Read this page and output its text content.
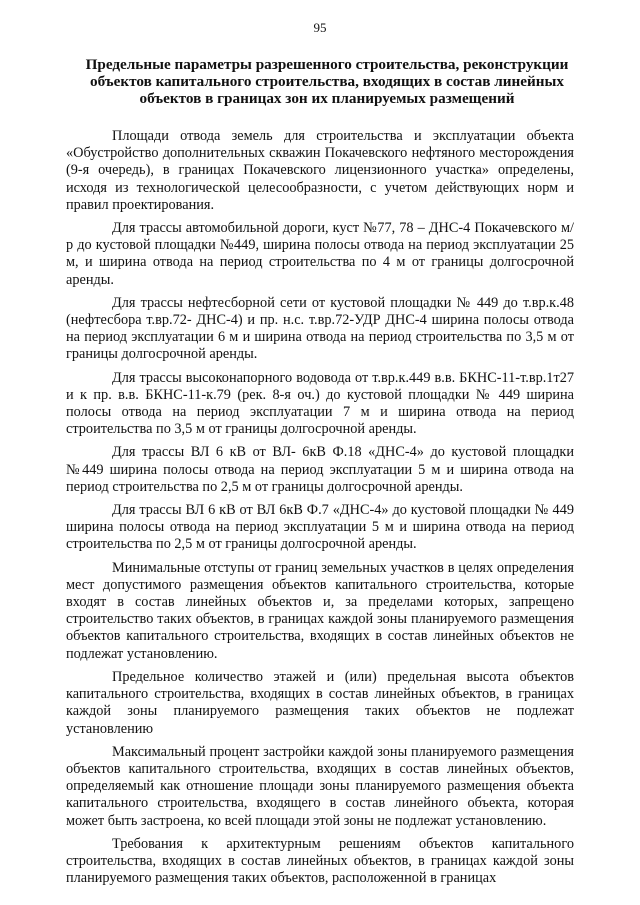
95
Предельные параметры разрешенного строительства, реконструкции объектов капитального строительства, входящих в состав линейных объектов в границах зон их планируемых размещений

Площади отвода земель для строительства и эксплуатации объекта «Обустройство дополнительных скважин Покачевского нефтяного месторождения (9-я очередь), в границах Покачевского лицензионного участка» определены, исходя из технологической целесообразности, с учетом действующих норм и правил проектирования.

Для трассы автомобильной дороги, куст №77, 78 – ДНС-4 Покачевского м/р до кустовой площадки №449, ширина полосы отвода на период эксплуатации 25 м, и ширина отвода на период строительства по 4 м от границы долгосрочной аренды.

Для трассы нефтесборной сети от кустовой площадки № 449 до т.вр.к.48 (нефтесбора т.вр.72- ДНС-4) и пр. н.с. т.вр.72-УДР ДНС-4 ширина полосы отвода на период эксплуатации 6 м и ширина отвода на период строительства по 3,5 м от границы долгосрочной аренды.

Для трассы высоконапорного водовода от т.вр.к.449 в.в. БКНС-11-т.вр.1т27 и к пр. в.в. БКНС-11-к.79 (рек. 8-я оч.) до кустовой площадки № 449 ширина полосы отвода на период эксплуатации 7 м и ширина отвода на период строительства по 3,5 м от границы долгосрочной аренды.

Для трассы ВЛ 6 кВ от ВЛ- 6кВ Ф.18 «ДНС-4» до кустовой площадки №449 ширина полосы отвода на период эксплуатации 5 м и ширина отвода на период строительства по 2,5 м от границы долгосрочной аренды.

Для трассы ВЛ 6 кВ от ВЛ 6кВ Ф.7 «ДНС-4» до кустовой площадки № 449 ширина полосы отвода на период эксплуатации 5 м и ширина отвода на период строительства по 2,5 м от границы долгосрочной аренды.

Минимальные отступы от границ земельных участков в целях определения мест допустимого размещения объектов капитального строительства, которые входят в состав линейных объектов и, за пределами которых, запрещено строительство таких объектов, в границах каждой зоны планируемого размещения объектов капитального строительства, входящих в состав линейных объектов не подлежат установлению.

Предельное количество этажей и (или) предельная высота объектов капитального строительства, входящих в состав линейных объектов, в границах каждой зоны планируемого размещения таких объектов не подлежат установлению

Максимальный процент застройки каждой зоны планируемого размещения объектов капитального строительства, входящих в состав линейных объектов, определяемый как отношение площади зоны планируемого размещения объекта капитального строительства, входящего в состав линейного объекта, которая может быть застроена, ко всей площади этой зоны не подлежат установлению.

Требования к архитектурным решениям объектов капитального строительства, входящих в состав линейных объектов, в границах каждой зоны планируемого размещения таких объектов, расположенной в границах
